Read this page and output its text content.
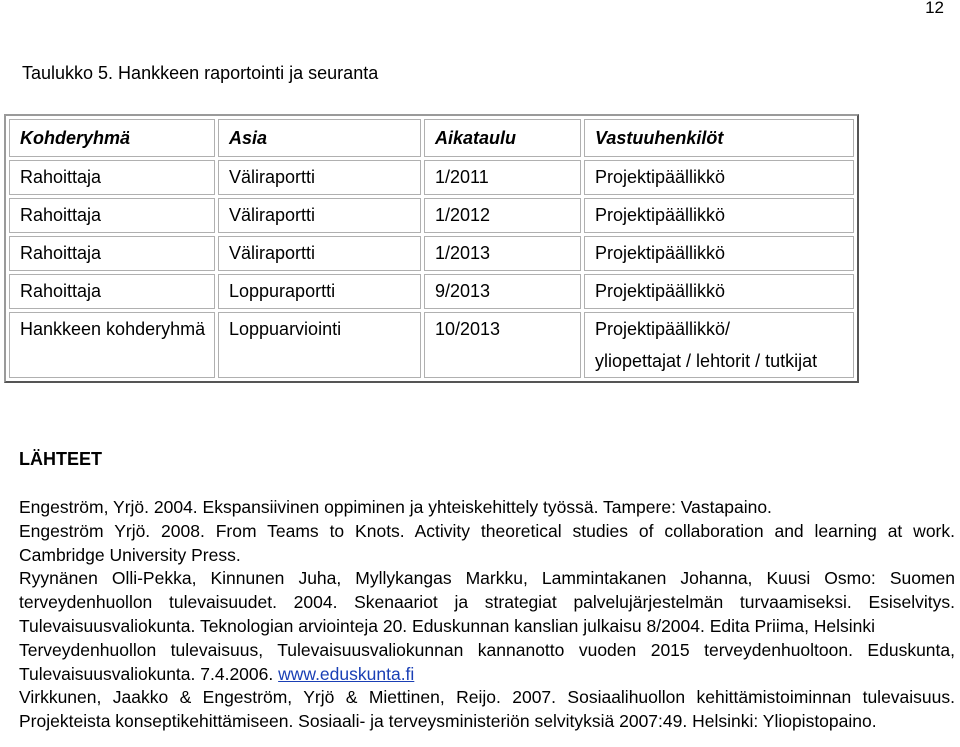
12
Taulukko 5. Hankkeen raportointi ja seuranta
Kohderyhmä	Asia	Aikataulu	Vastuuhenkilöt
Rahoittaja	Väliraportti	1/2011	Projektipäällikkö
Rahoittaja	Väliraportti	1/2012	Projektipäällikkö
Rahoittaja	Väliraportti	1/2013	Projektipäällikkö
Rahoittaja	Loppuraportti	9/2013	Projektipäällikkö
Hankkeen kohderyhmä	Loppuarviointi	10/2013	Projektipäällikkö/
yliopettajat / lehtorit / tutkijat
LÄHTEET

Engeström, Yrjö. 2004. Ekspansiivinen oppiminen ja yhteiskehittely työssä. Tampere: Vastapaino.

Engeström Yrjö. 2008. From Teams to Knots. Activity theoretical studies of collaboration and learning at work. Cambridge University Press.

Ryynänen Olli-Pekka, Kinnunen Juha, Myllykangas Markku, Lammintakanen Johanna, Kuusi Osmo: Suomen terveydenhuollon tulevaisuudet. 2004. Skenaariot ja strategiat palvelujärjestelmän turvaamiseksi. Esiselvitys. Tulevaisuusvaliokunta. Teknologian arviointeja 20. Eduskunnan kanslian julkaisu 8/2004. Edita Priima, Helsinki

Terveydenhuollon tulevaisuus, Tulevaisuusvaliokunnan kannanotto vuoden 2015 terveydenhuoltoon. Eduskunta, Tulevaisuusvaliokunta. 7.4.2006. www.eduskunta.fi

Virkkunen, Jaakko & Engeström, Yrjö & Miettinen, Reijo. 2007. Sosiaalihuollon kehittämistoiminnan tulevaisuus. Projekteista konseptikehittämiseen. Sosiaali- ja terveysministeriön selvityksiä 2007:49. Helsinki: Yliopistopaino.
